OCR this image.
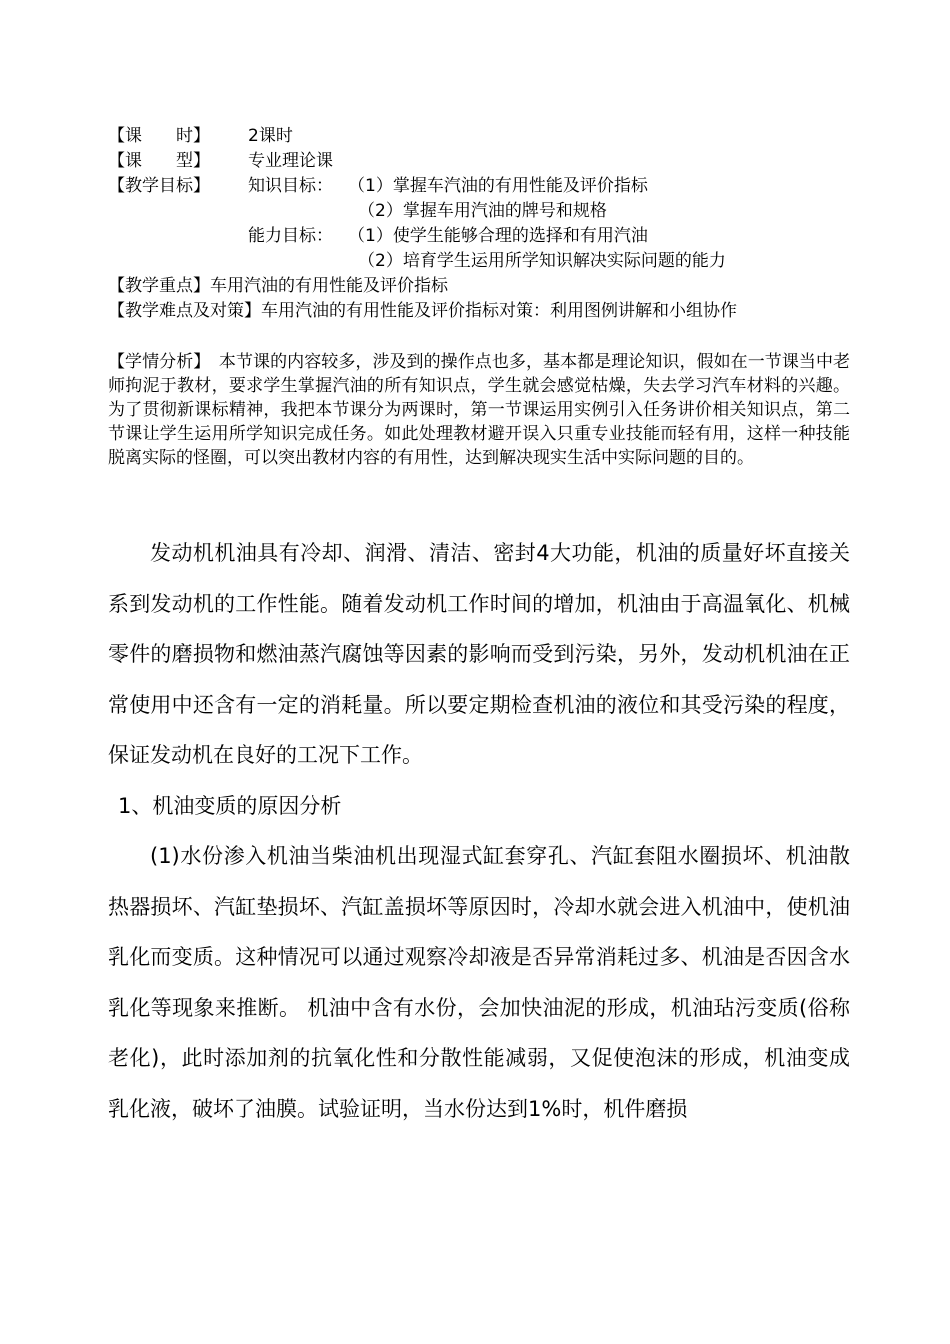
【课　　时】 2课时
【课　　型】 专业理论课
【教学目标】 知识目标： （1）掌握车汽油的有用性能及评价指标
（2）掌握车用汽油的牌号和规格
能力目标： （1）使学生能够合理的选择和有用汽油
（2）培育学生运用所学知识解决实际问题的能力
【教学重点】车用汽油的有用性能及评价指标
【教学难点及对策】车用汽油的有用性能及评价指标对策：利用图例讲解和小组协作
【学情分析】　本节课的内容较多，涉及到的操作点也多，基本都是理论知识，假如在一节课当中老师拘泥于教材，要求学生掌握汽油的所有知识点，学生就会感觉枯燥，失去学习汽车材料的兴趣。为了贯彻新课标精神，我把本节课分为两课时，第一节课运用实例引入任务讲价相关知识点，第二节课让学生运用所学知识完成任务。如此处理教材避开误入只重专业技能而轻有用，这样一种技能脱离实际的怪圈，可以突出教材内容的有用性，达到解决现实生活中实际问题的目的。

发动机机油具有冷却、润滑、清洁、密封4大功能，机油的质量好坏直接关系到发动机的工作性能。随着发动机工作时间的增加，机油由于高温氧化、机械零件的磨损物和燃油蒸汽腐蚀等因素的影响而受到污染，另外，发动机机油在正常使用中还含有一定的消耗量。所以要定期检查机油的液位和其受污染的程度，保证发动机在良好的工况下工作。

1、机油变质的原因分析

(1)水份渗入机油当柴油机出现湿式缸套穿孔、汽缸套阻水圈损坏、机油散热器损坏、汽缸垫损坏、汽缸盖损坏等原因时，冷却水就会进入机油中，使机油乳化而变质。这种情况可以通过观察冷却液是否异常消耗过多、机油是否因含水乳化等现象来推断。 机油中含有水份，会加快油泥的形成，机油玷污变质(俗称老化)，此时添加剂的抗氧化性和分散性能减弱，又促使泡沫的形成，机油变成乳化液，破坏了油膜。试验证明，当水份达到1%时，机件磨损
